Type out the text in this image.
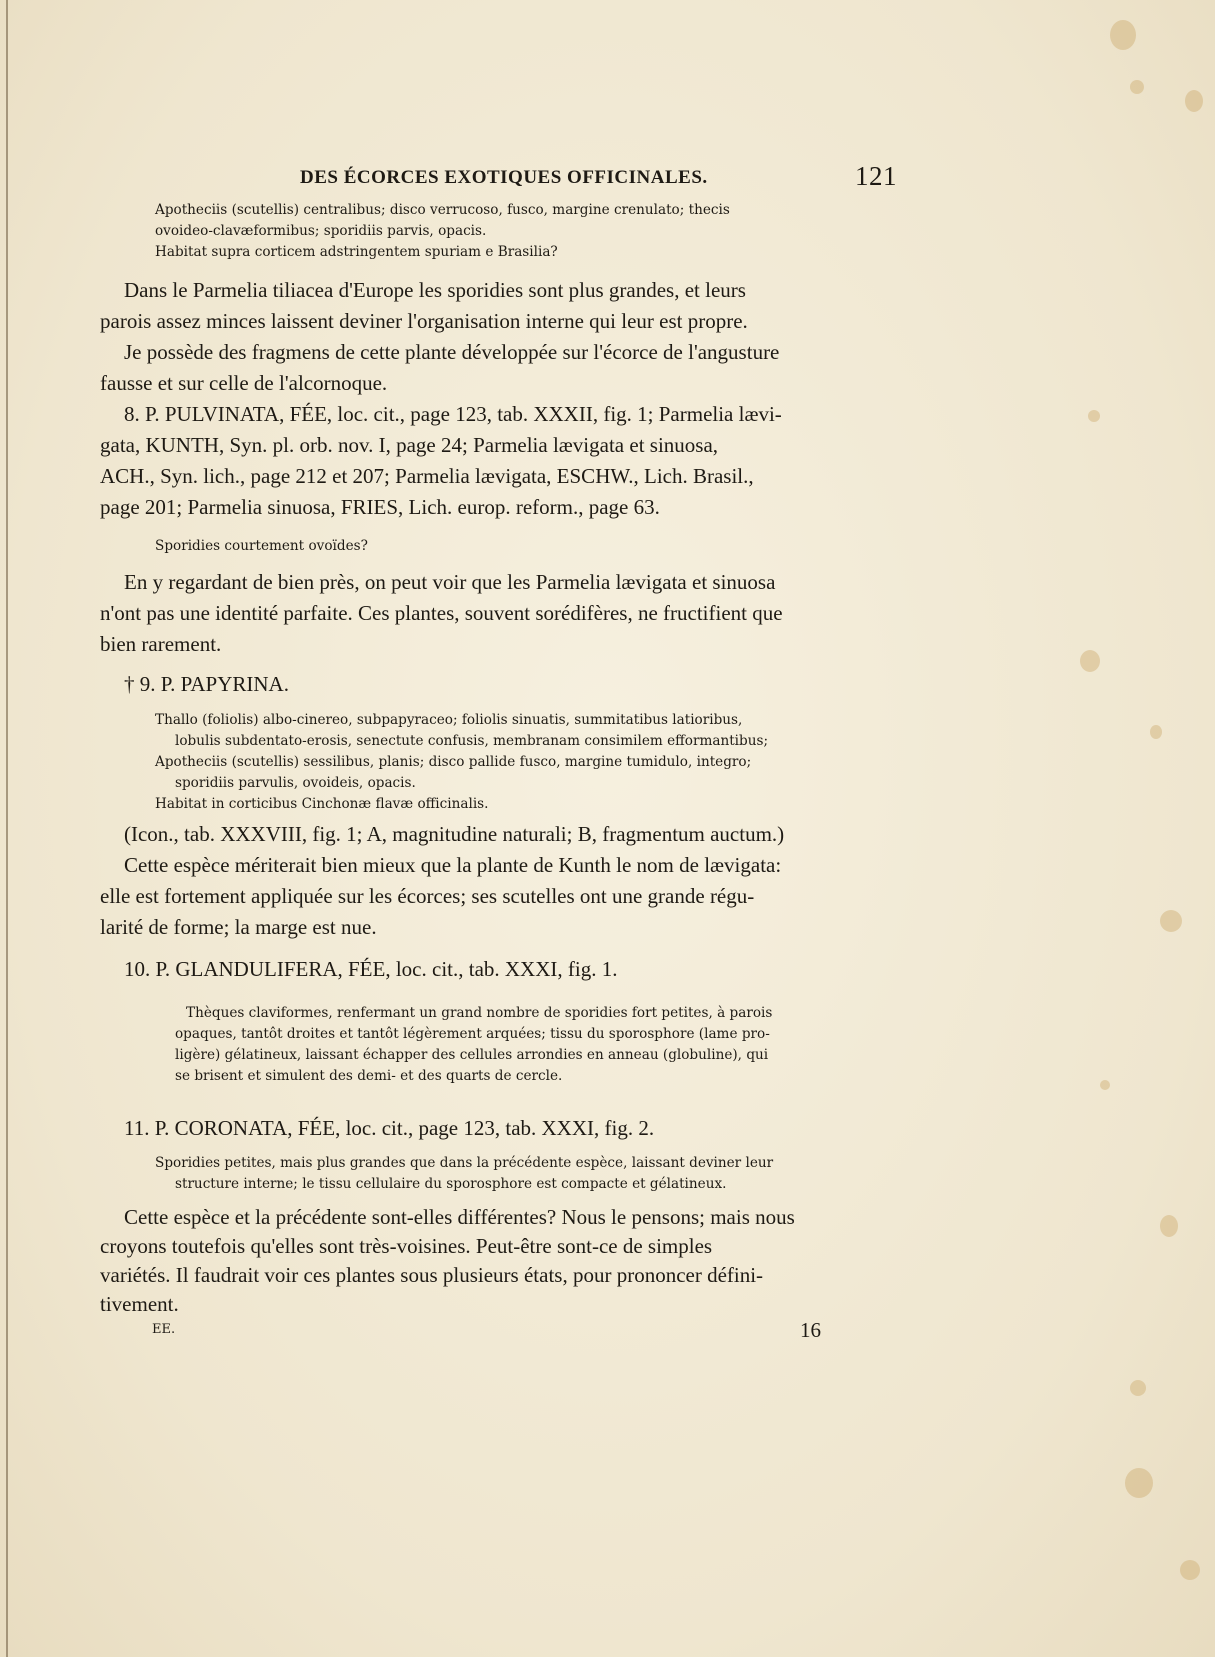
DES ÉCORCES EXOTIQUES OFFICINALES.	121
Apotheciis (scutellis) centralibus; disco verrucoso, fusco, margine crenulato; thecis
ovoideo-clavæformibus; sporidiis parvis, opacis.
Habitat supra corticem adstringentem spuriam e Brasilia?
Dans le Parmelia tiliacea d'Europe les sporidies sont plus grandes, et leurs
parois assez minces laissent deviner l'organisation interne qui leur est propre.
Je possède des fragmens de cette plante développée sur l'écorce de l'angusture
fausse et sur celle de l'alcornoque.
8. P. PULVINATA, FÉE, loc. cit., page 123, tab. XXXII, fig. 1; Parmelia lævi-
gata, KUNTH, Syn. pl. orb. nov. I, page 24; Parmelia lævigata et sinuosa,
ACH., Syn. lich., page 212 et 207; Parmelia lævigata, ESCHW., Lich. Brasil.,
page 201; Parmelia sinuosa, FRIES, Lich. europ. reform., page 63.
Sporidies courtement ovoïdes?
En y regardant de bien près, on peut voir que les Parmelia lævigata et sinuosa
n'ont pas une identité parfaite. Ces plantes, souvent sorédifères, ne fructifient que
bien rarement.
† 9. P. PAPYRINA.
Thallo (foliolis) albo-cinereo, subpapyraceo; foliolis sinuatis, summitatibus latioribus,
lobulis subdentato-erosis, senectute confusis, membranam consimilem efformantibus;
Apotheciis (scutellis) sessilibus, planis; disco pallide fusco, margine tumidulo, integro;
sporidiis parvulis, ovoideis, opacis.
Habitat in corticibus Cinchonæ flavæ officinalis.
(Icon., tab. XXXVIII, fig. 1; A, magnitudine naturali; B, fragmentum auctum.)
Cette espèce mériterait bien mieux que la plante de Kunth le nom de lævigata:
elle est fortement appliquée sur les écorces; ses scutelles ont une grande régu-
larité de forme; la marge est nue.
10. P. GLANDULIFERA, FÉE, loc. cit., tab. XXXI, fig. 1.
Thèques claviformes, renfermant un grand nombre de sporidies fort petites, à parois
opaques, tantôt droites et tantôt légèrement arquées; tissu du sporosphore (lame pro-
ligère) gélatineux, laissant échapper des cellules arrondies en anneau (globuline), qui
se brisent et simulent des demi- et des quarts de cercle.
11. P. CORONATA, FÉE, loc. cit., page 123, tab. XXXI, fig. 2.
Sporidies petites, mais plus grandes que dans la précédente espèce, laissant deviner leur
structure interne; le tissu cellulaire du sporosphore est compacte et gélatineux.
Cette espèce et la précédente sont-elles différentes? Nous le pensons; mais nous
croyons toutefois qu'elles sont très-voisines. Peut-être sont-ce de simples
variétés. Il faudrait voir ces plantes sous plusieurs états, pour prononcer défini-
tivement.
EE.	16
